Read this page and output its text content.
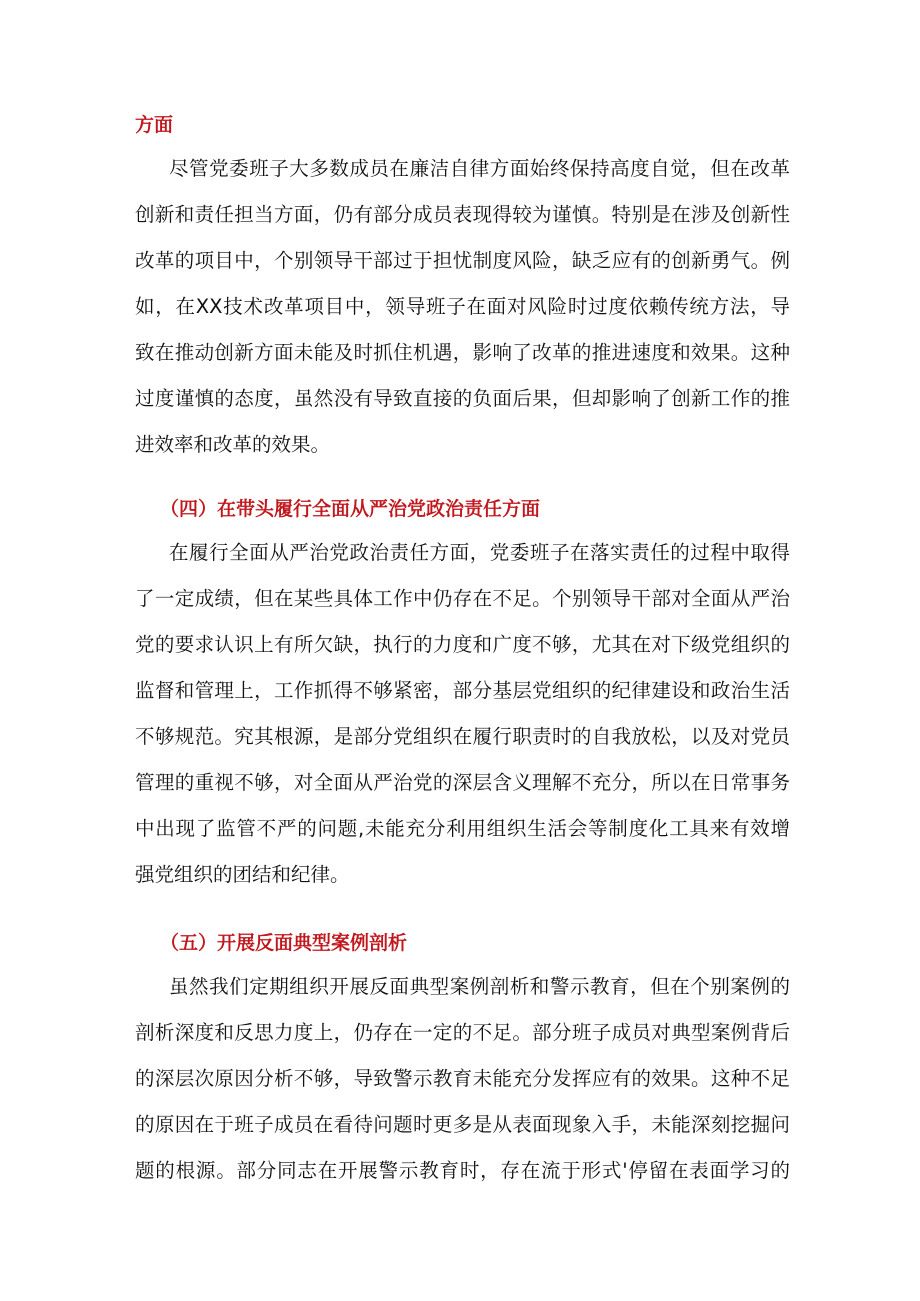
方面
尽管党委班子大多数成员在廉洁自律方面始终保持高度自觉，但在改革
创新和责任担当方面，仍有部分成员表现得较为谨慎。特别是在涉及创新性
改革的项目中，个别领导干部过于担忧制度风险，缺乏应有的创新勇气。例
如，在XX技术改革项目中，领导班子在面对风险时过度依赖传统方法，导
致在推动创新方面未能及时抓住机遇，影响了改革的推进速度和效果。这种
过度谨慎的态度，虽然没有导致直接的负面后果，但却影响了创新工作的推
进效率和改革的效果。
（四）在带头履行全面从严治党政治责任方面
在履行全面从严治党政治责任方面，党委班子在落实责任的过程中取得
了一定成绩，但在某些具体工作中仍存在不足。个别领导干部对全面从严治
党的要求认识上有所欠缺，执行的力度和广度不够，尤其在对下级党组织的
监督和管理上，工作抓得不够紧密，部分基层党组织的纪律建设和政治生活
不够规范。究其根源，是部分党组织在履行职责时的自我放松，以及对党员
管理的重视不够，对全面从严治党的深层含义理解不充分，所以在日常事务
中出现了监管不严的问题,未能充分利用组织生活会等制度化工具来有效增
强党组织的团结和纪律。
（五）开展反面典型案例剖析
虽然我们定期组织开展反面典型案例剖析和警示教育，但在个别案例的
剖析深度和反思力度上，仍存在一定的不足。部分班子成员对典型案例背后
的深层次原因分析不够，导致警示教育未能充分发挥应有的效果。这种不足
的原因在于班子成员在看待问题时更多是从表面现象入手，未能深刻挖掘问
题的根源。部分同志在开展警示教育时，存在流于形式'停留在表面学习的
